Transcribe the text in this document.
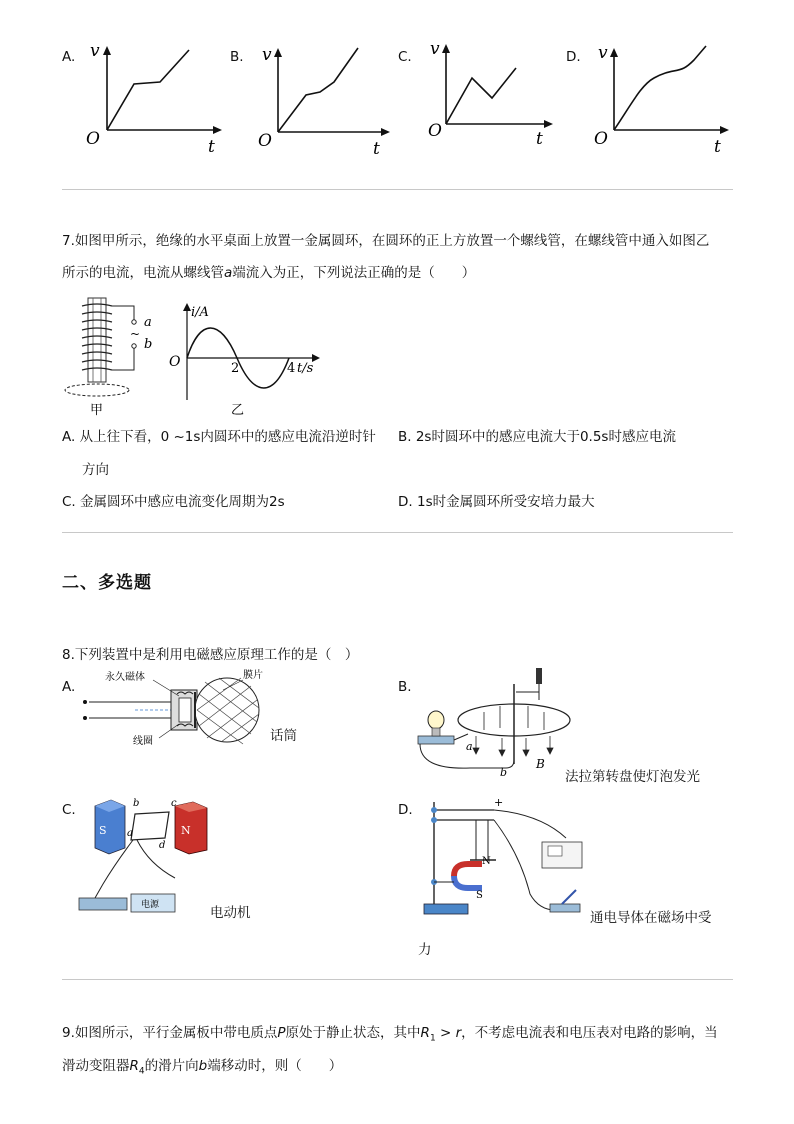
A. v
O	t
B. v
O	t
C. v
O	t
D. v
O	t
7.如图甲所示，绝缘的水平桌面上放置一金属圆环，在圆环的正上方放置一个螺线管，在螺线管中通入如图乙
所示的电流，电流从螺线管a端流入为正，下列说法正确的是（　　）
a
~
b
甲
i/A
O	2	4 t/s
乙
A. 从上往下看，0 ~1s内圆环中的感应电流沿逆时针
方向
B. 2s时圆环中的感应电流大于0.5s时感应电流
C. 金属圆环中感应电流变化周期为2s	D. 1s时金属圆环所受安培力最大
二、多选题
8.下列装置中是利用电磁感应原理工作的是（　）
A.
永久磁体	膜片
线圈	话筒
B.
a
b
B
法拉第转盘使灯泡发光
C.
S	N
b	c
a
d
电源	电动机
D.
N
S
+
通电导体在磁场中受
力
9.如图所示，平行金属板中带电质点P原处于静止状态，其中$R_1 > r$，不考虑电流表和电压表对电路的影响，当
滑动变阻器$R_4$的滑片向b端移动时，则（　　）
